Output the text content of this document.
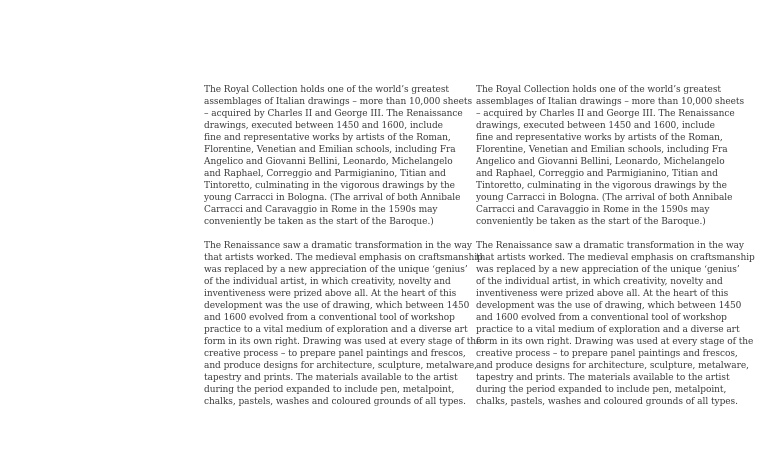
The Royal Collection holds one of the world’s greatest
assemblages of Italian drawings – more than 10,000 sheets
– acquired by Charles II and George III. The Renaissance
drawings, executed between 1450 and 1600, include
fine and representative works by artists of the Roman,
Florentine, Venetian and Emilian schools, including Fra
Angelico and Giovanni Bellini, Leonardo, Michelangelo
and Raphael, Correggio and Parmigianino, Titian and
Tintoretto, culminating in the vigorous drawings by the
young Carracci in Bologna. (The arrival of both Annibale
Carracci and Caravaggio in Rome in the 1590s may
conveniently be taken as the start of the Baroque.)
The Renaissance saw a dramatic transformation in the way
that artists worked. The medieval emphasis on craftsmanship
was replaced by a new appreciation of the unique ‘genius’
of the individual artist, in which creativity, novelty and
inventiveness were prized above all. At the heart of this
development was the use of drawing, which between 1450
and 1600 evolved from a conventional tool of workshop
practice to a vital medium of exploration and a diverse art
form in its own right. Drawing was used at every stage of the
creative process – to prepare panel paintings and frescos,
and produce designs for architecture, sculpture, metalware,
tapestry and prints. The materials available to the artist
during the period expanded to include pen, metalpoint,
chalks, pastels, washes and coloured grounds of all types.
The Royal Collection holds one of the world’s greatest
assemblages of Italian drawings – more than 10,000 sheets
– acquired by Charles II and George III. The Renaissance
drawings, executed between 1450 and 1600, include
fine and representative works by artists of the Roman,
Florentine, Venetian and Emilian schools, including Fra
Angelico and Giovanni Bellini, Leonardo, Michelangelo
and Raphael, Correggio and Parmigianino, Titian and
Tintoretto, culminating in the vigorous drawings by the
young Carracci in Bologna. (The arrival of both Annibale
Carracci and Caravaggio in Rome in the 1590s may
conveniently be taken as the start of the Baroque.)
The Renaissance saw a dramatic transformation in the way
that artists worked. The medieval emphasis on craftsmanship
was replaced by a new appreciation of the unique ‘genius’
of the individual artist, in which creativity, novelty and
inventiveness were prized above all. At the heart of this
development was the use of drawing, which between 1450
and 1600 evolved from a conventional tool of workshop
practice to a vital medium of exploration and a diverse art
form in its own right. Drawing was used at every stage of the
creative process – to prepare panel paintings and frescos,
and produce designs for architecture, sculpture, metalware,
tapestry and prints. The materials available to the artist
during the period expanded to include pen, metalpoint,
chalks, pastels, washes and coloured grounds of all types.
